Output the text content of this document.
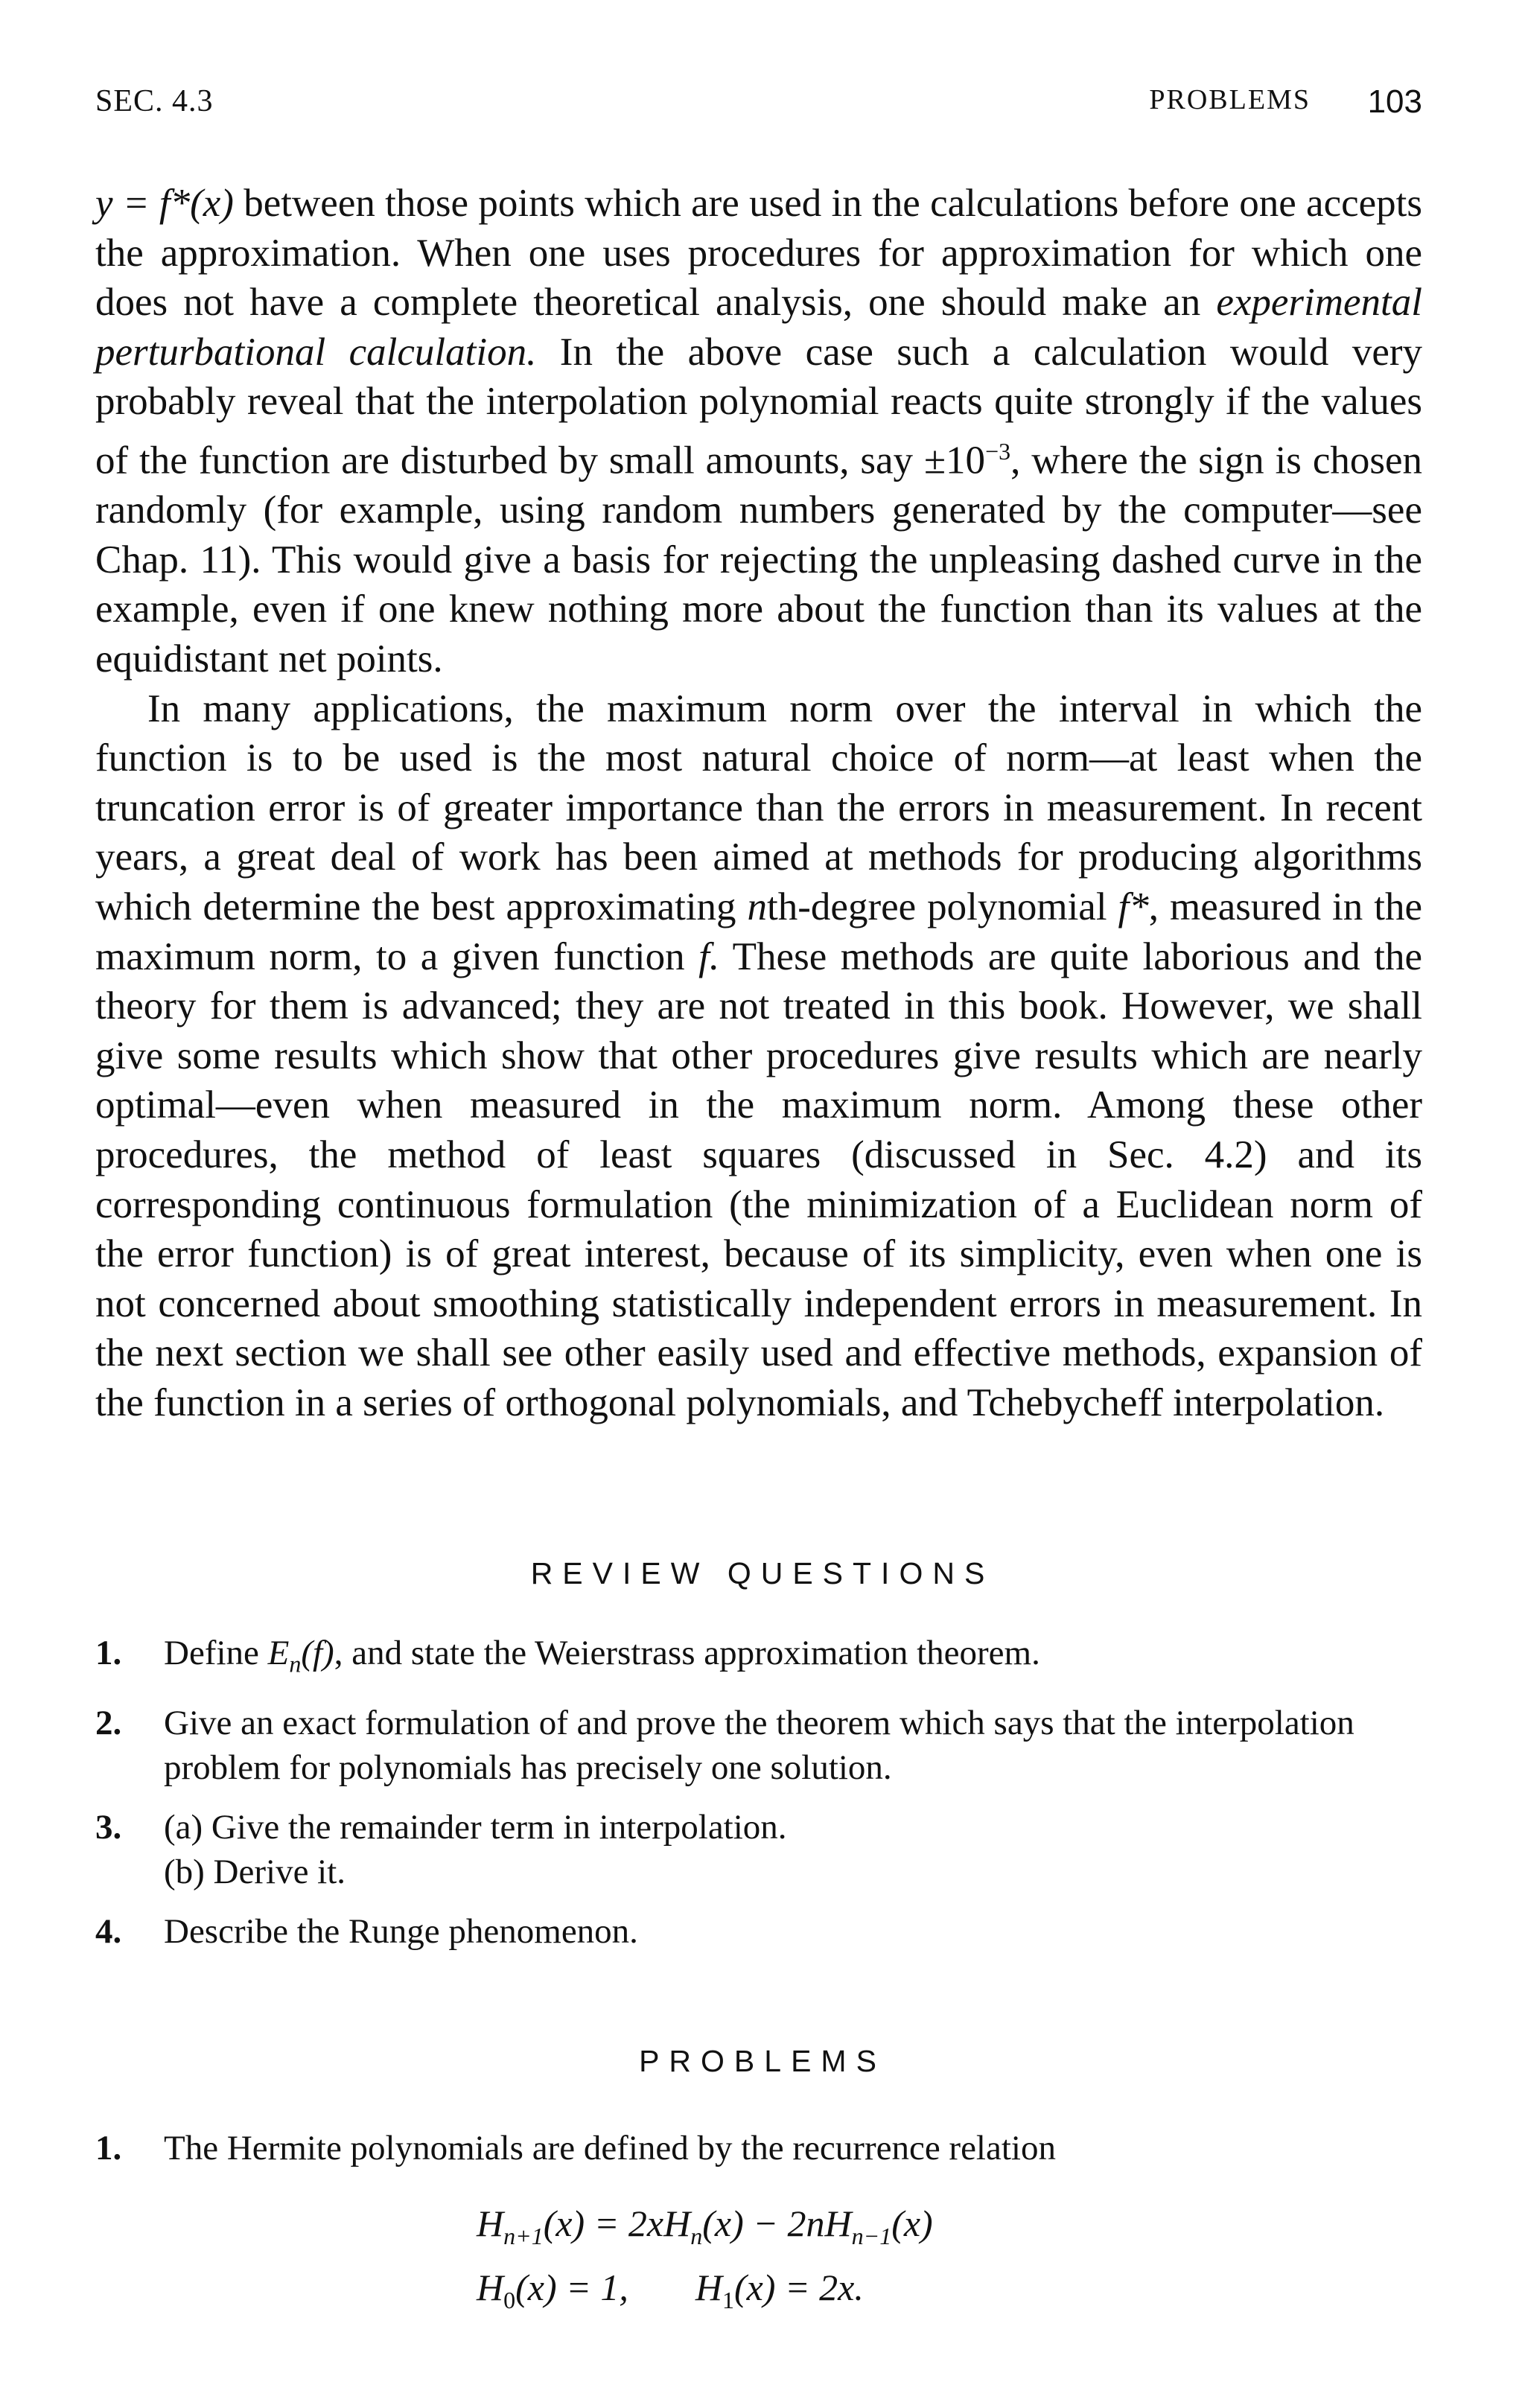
SEC. 4.3	PROBLEMS 103

y = f*(x) between those points which are used in the calculations before one accepts the approximation. When one uses procedures for approximation for which one does not have a complete theoretical analysis, one should make an experimental perturbational calculation. In the above case such a calculation would very probably reveal that the interpolation polynomial reacts quite strongly if the values of the function are disturbed by small amounts, say $\pm 10^{-3}$, where the sign is chosen randomly (for example, using random numbers generated by the computer—see Chap. 11). This would give a basis for rejecting the unpleasing dashed curve in the example, even if one knew nothing more about the function than its values at the equidistant net points.

In many applications, the maximum norm over the interval in which the function is to be used is the most natural choice of norm—at least when the truncation error is of greater importance than the errors in measurement. In recent years, a great deal of work has been aimed at methods for producing algorithms which determine the best approximating nth-degree polynomial f*, measured in the maximum norm, to a given function f. These methods are quite laborious and the theory for them is advanced; they are not treated in this book. However, we shall give some results which show that other procedures give results which are nearly optimal—even when measured in the maximum norm. Among these other procedures, the method of least squares (discussed in Sec. 4.2) and its corresponding continuous formulation (the minimization of a Euclidean norm of the error function) is of great interest, because of its simplicity, even when one is not concerned about smoothing statistically independent errors in measurement. In the next section we shall see other easily used and effective methods, expansion of the function in a series of orthogonal polynomials, and Tchebycheff interpolation.

REVIEW QUESTIONS
1. Define $E_n(f)$, and state the Weierstrass approximation theorem.
2. Give an exact formulation of and prove the theorem which says that the interpolation problem for polynomials has precisely one solution.
3. (a) Give the remainder term in interpolation.
(b) Derive it.
4. Describe the Runge phenomenon.
PROBLEMS
1. The Hermite polynomials are defined by the recurrence relation
$H_{n+1}(x) = 2xH_n(x) - 2nH_{n-1}(x)$
$H_0(x) = 1$, $H_1(x) = 2x$.
